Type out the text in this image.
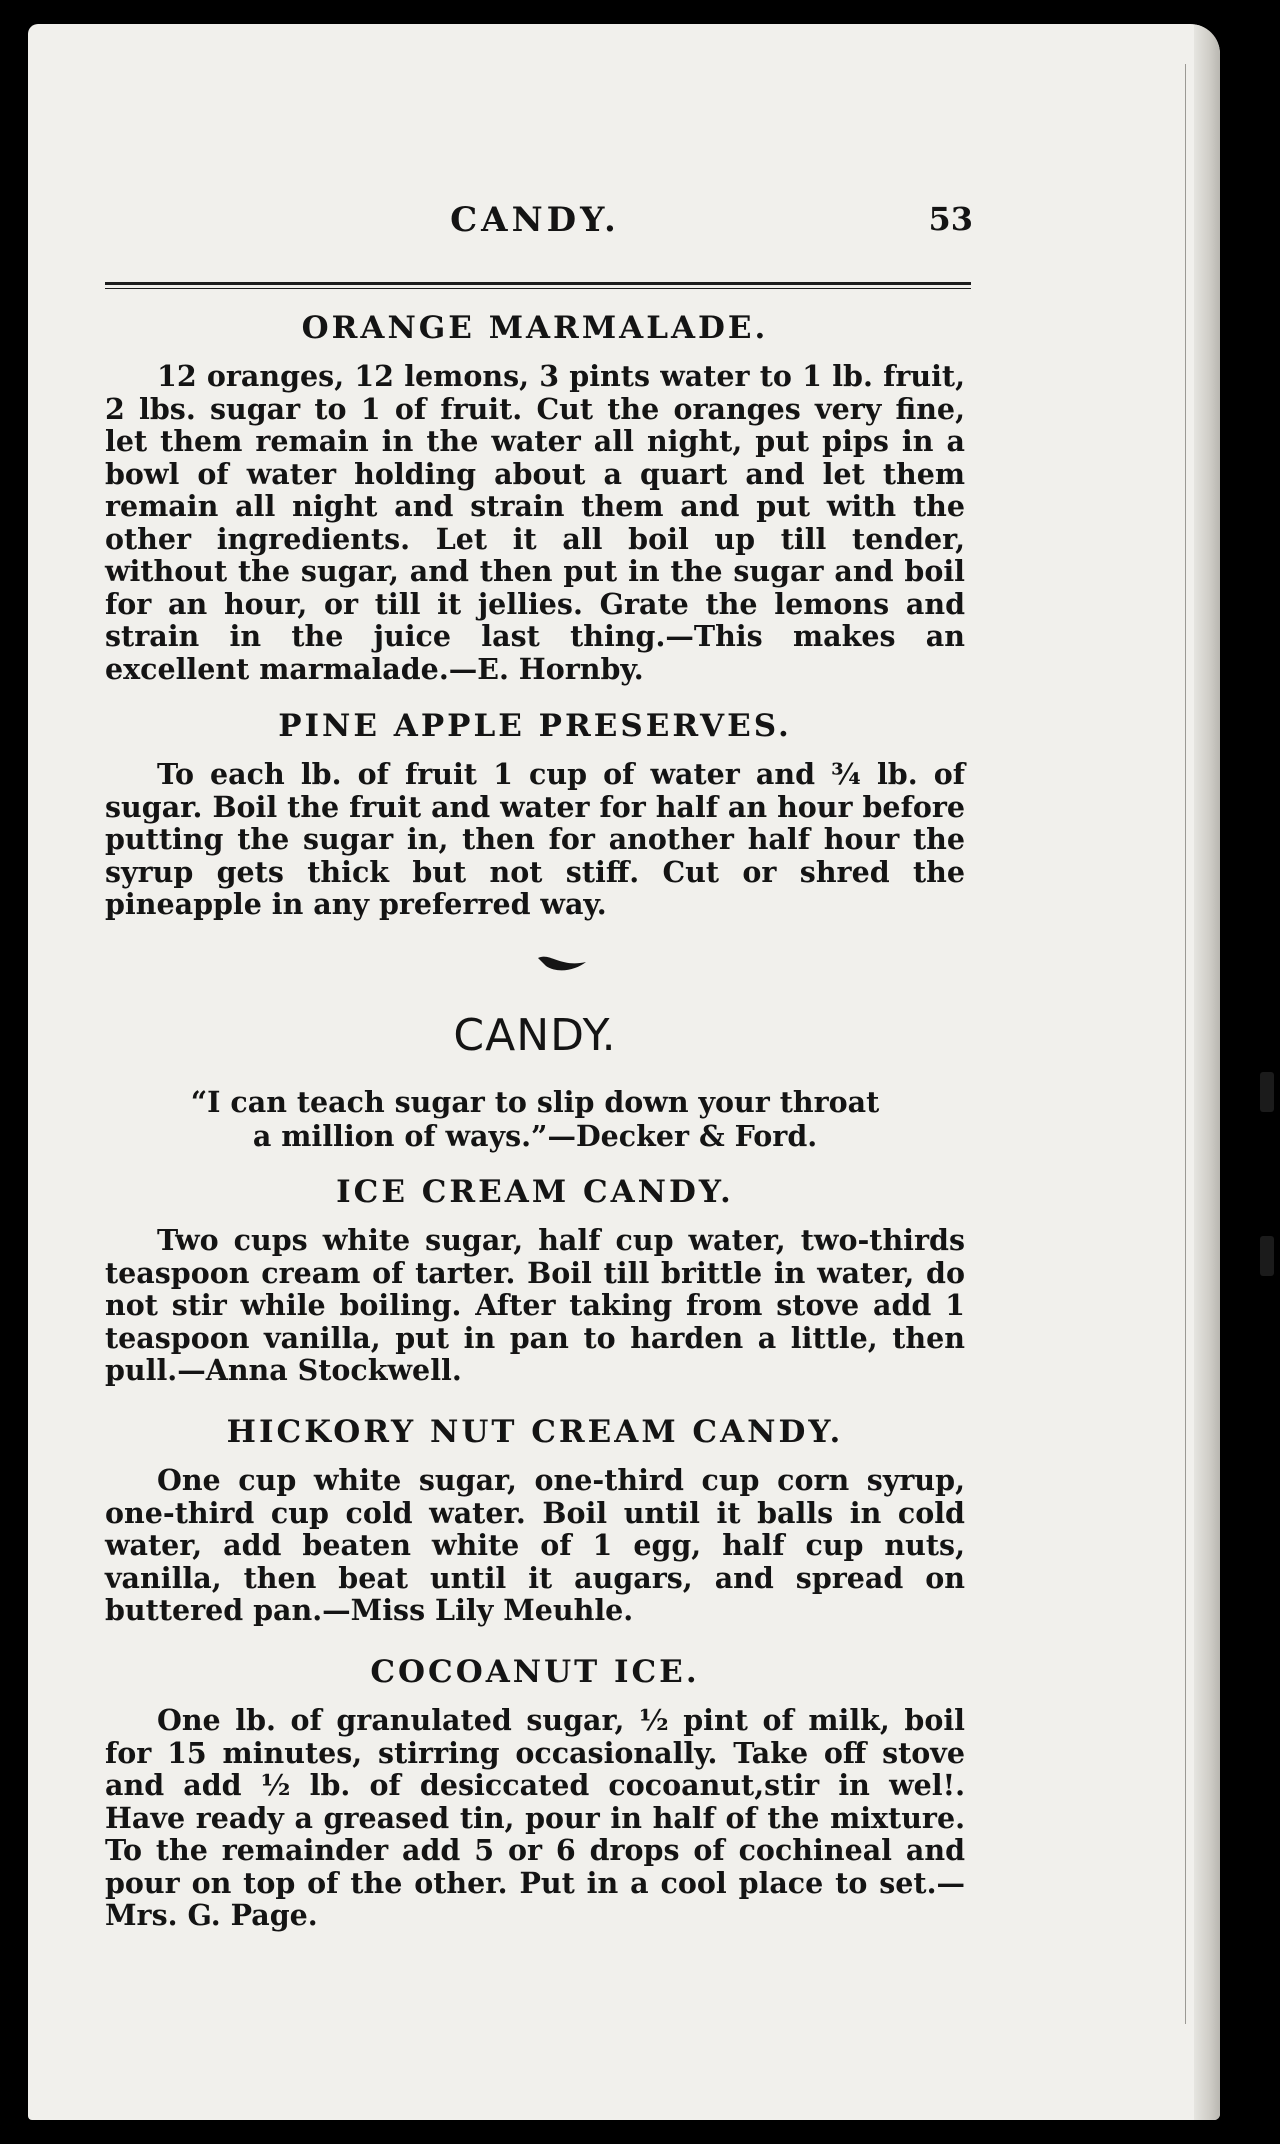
CANDY.	53
ORANGE MARMALADE.

12 oranges, 12 lemons, 3 pints water to 1 lb. fruit, 2 lbs. sugar to 1 of fruit. Cut the oranges very fine, let them remain in the water all night, put pips in a bowl of water holding about a quart and let them remain all night and strain them and put with the other ingredients. Let it all boil up till tender, without the sugar, and then put in the sugar and boil for an hour, or till it jellies. Grate the lemons and strain in the juice last thing.—This makes an excellent marmalade.—E. Hornby.

PINE APPLE PRESERVES.

To each lb. of fruit 1 cup of water and ¾ lb. of sugar. Boil the fruit and water for half an hour before putting the sugar in, then for another half hour the syrup gets thick but not stiff. Cut or shred the pineapple in any preferred way.

CANDY.
“I can teach sugar to slip down your throat
a million of ways.”—Decker & Ford.
ICE CREAM CANDY.

Two cups white sugar, half cup water, two-thirds teaspoon cream of tarter. Boil till brittle in water, do not stir while boiling. After taking from stove add 1 teaspoon vanilla, put in pan to harden a little, then pull.—Anna Stockwell.

HICKORY NUT CREAM CANDY.

One cup white sugar, one-third cup corn syrup, one-third cup cold water. Boil until it balls in cold water, add beaten white of 1 egg, half cup nuts, vanilla, then beat until it augars, and spread on buttered pan.—Miss Lily Meuhle.

COCOANUT ICE.

One lb. of granulated sugar, ½ pint of milk, boil for 15 minutes, stirring occasionally. Take off stove and add ½ lb. of desiccated cocoanut,stir in wel!. Have ready a greased tin, pour in half of the mixture. To the remainder add 5 or 6 drops of cochineal and pour on top of the other. Put in a cool place to set.—Mrs. G. Page.
